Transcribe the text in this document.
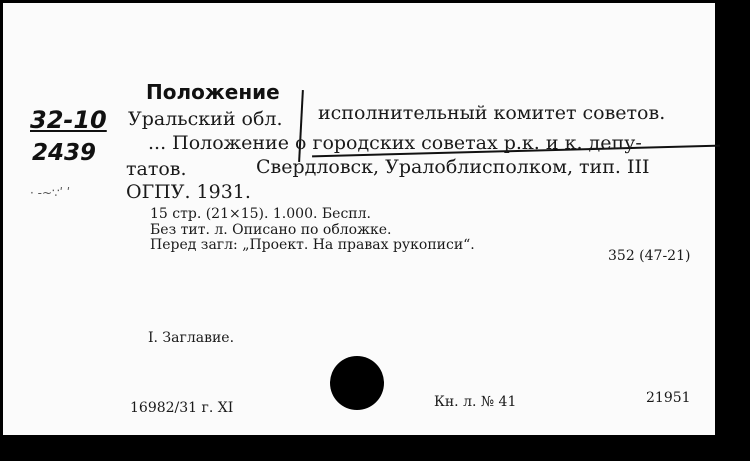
Положение
32-10
2439
· ‑~∵ʹ ʹ
Уральский обл. исполнительный комитет советов.
... Положение о городских советах р.к. и к. депу-
татов.	Свердловск, Уралоблисполком, тип. III
ОГПУ. 1931.
15 стр. (21×15). 1.000. Беспл.
Без тит. л. Описано по обложке.
Перед загл: „Проект. На правах рукописи“.
352 (47-21)
I. Заглавие.
16982/31 г. XI	Кн. л. № 41	21951
